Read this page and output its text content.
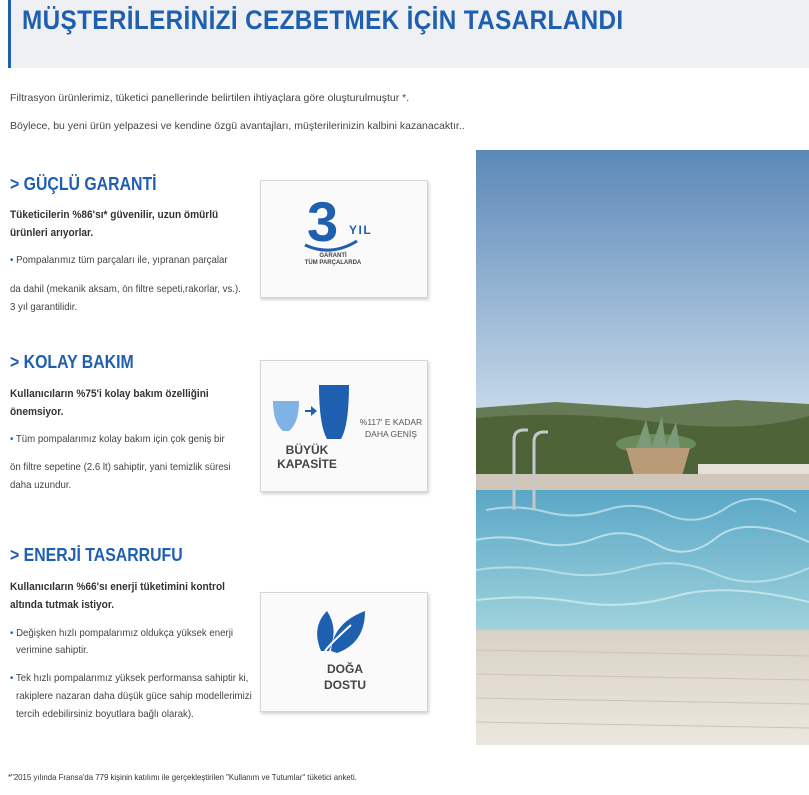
MÜŞTERİLERİNİZİ CEZBETMEK İÇİN TASARLANDI
Filtrasyon ürünlerimiz, tüketici panellerinde belirtilen ihtiyaçlara göre oluşturulmuştur *.
Böylece, bu yeni ürün yelpazesi ve kendine özgü avantajları, müşterilerinizin kalbini kazanacaktır..
> GÜÇLÜ GARANTİ
Tüketicilerin %86'sı* güvenilir, uzun ömürlü
ürünleri arıyorlar.
• Pompalarımız tüm parçaları ile, yıpranan parçalar
da dahil (mekanik aksam, ön filtre sepeti,rakorlar, vs.).
3 yıl garantilidir.
3 YIL
GARANTİ
TÜM PARÇALARDA
> KOLAY BAKIM
Kullanıcıların %75'i kolay bakım özelliğini
önemsiyor.
• Tüm pompalarımız kolay bakım için çok geniş bir
ön filtre sepetine (2.6 lt) sahiptir, yani temizlik süresi
daha uzundur.
%117' E KADAR
DAHA GENİŞ
BÜYÜK
KAPASİTE
> ENERJİ TASARRUFU
Kullanıcıların %66'sı enerji tüketimini kontrol
altında tutmak istiyor.
• Değişken hızlı pompalarımız oldukça yüksek enerji
verimine sahiptir.
• Tek hızlı pompalarımız yüksek performansa sahiptir ki,
rakiplere nazaran daha düşük güce sahip modellerimizi
tercih edebilirsiniz boyutlara bağlı olarak).
DOĞA
DOSTU
*"2015 yılında Fransa'da 779 kişinin katılımı ile gerçekleştirilen "Kullanım ve Tutumlar" tüketici anketi.
